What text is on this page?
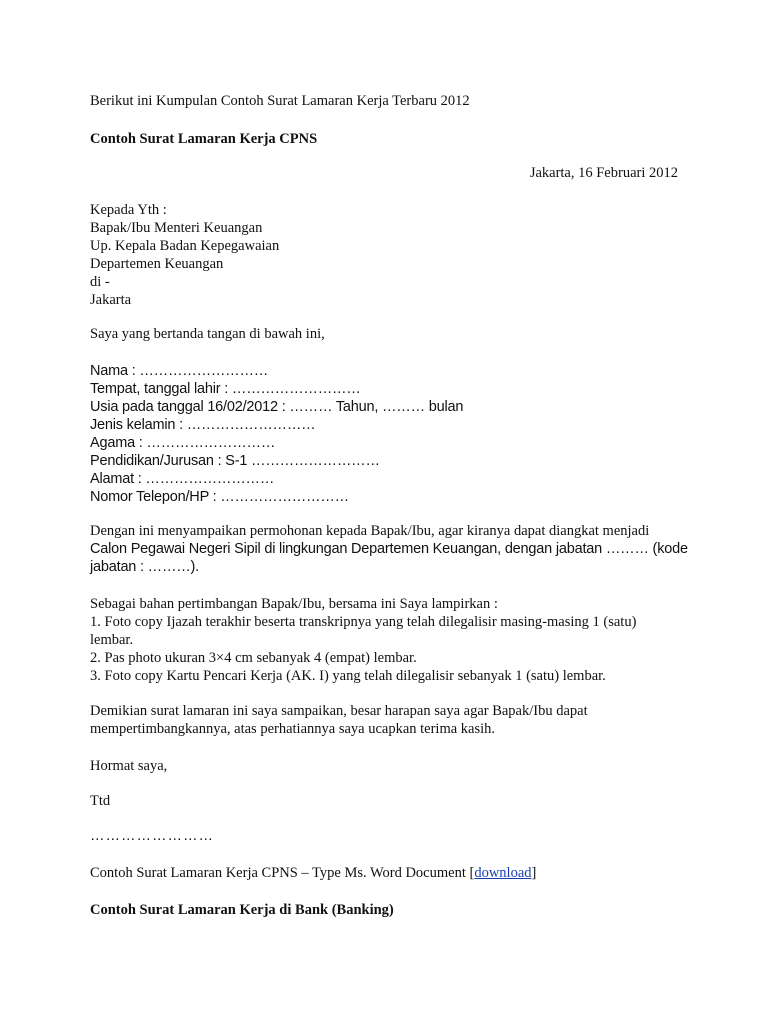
Berikut ini Kumpulan Contoh Surat Lamaran Kerja Terbaru 2012
Contoh Surat Lamaran Kerja CPNS
Jakarta, 16 Februari 2012
Kepada Yth :
Bapak/Ibu Menteri Keuangan
Up. Kepala Badan Kepegawaian
Departemen Keuangan
di -
Jakarta
Saya yang bertanda tangan di bawah ini,
Nama : ………………………
Tempat, tanggal lahir : ………………………
Usia pada tanggal 16/02/2012 : ……… Tahun, ……… bulan
Jenis kelamin : ………………………
Agama : ………………………
Pendidikan/Jurusan : S-1 ………………………
Alamat : ………………………
Nomor Telepon/HP : ………………………
Dengan ini menyampaikan permohonan kepada Bapak/Ibu, agar kiranya dapat diangkat menjadi
Calon Pegawai Negeri Sipil di lingkungan Departemen Keuangan, dengan jabatan ……… (kode
jabatan : ………).
Sebagai bahan pertimbangan Bapak/Ibu, bersama ini Saya lampirkan :
1. Foto copy Ijazah terakhir beserta transkripnya yang telah dilegalisir masing-masing 1 (satu)
lembar.
2. Pas photo ukuran 3×4 cm sebanyak 4 (empat) lembar.
3. Foto copy Kartu Pencari Kerja (AK. I) yang telah dilegalisir sebanyak 1 (satu) lembar.
Demikian surat lamaran ini saya sampaikan, besar harapan saya agar Bapak/Ibu dapat
mempertimbangkannya, atas perhatiannya saya ucapkan terima kasih.
Hormat saya,
Ttd
……………………
Contoh Surat Lamaran Kerja CPNS – Type Ms. Word Document [download]
Contoh Surat Lamaran Kerja di Bank (Banking)
